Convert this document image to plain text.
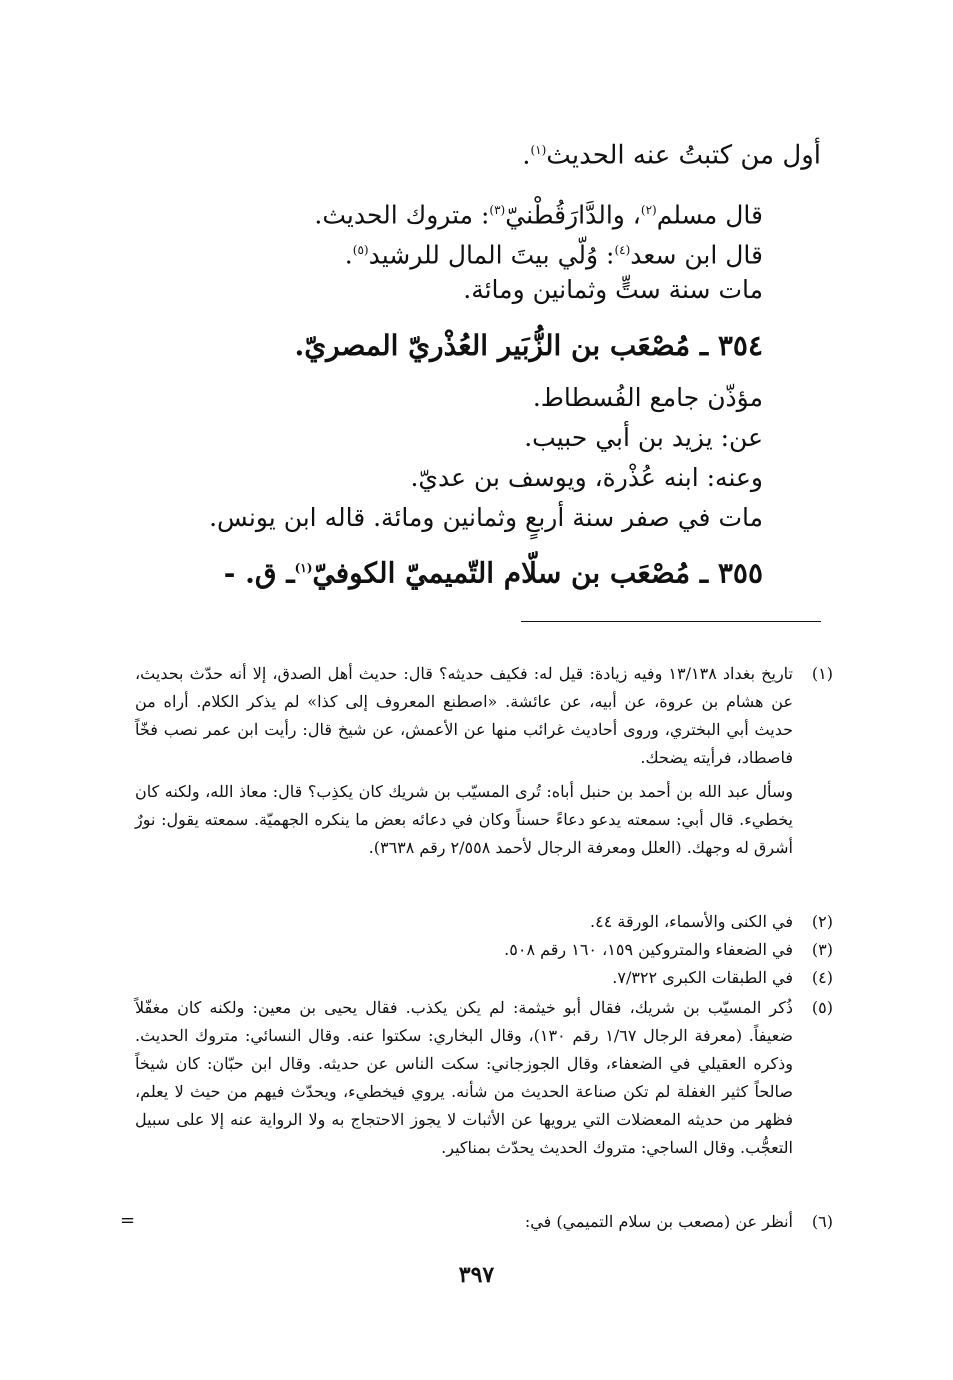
أول من كتبتُ عنه الحديث$^{(١)}$.
قال مسلم$^{(٢)}$، والدَّارَقُطْنيّ$^{(٣)}$: متروك الحديث.
قال ابن سعد$^{(٤)}$: وُلّي بيتَ المال للرشيد$^{(٥)}$.
مات سنة ستٍّ وثمانين ومائة.
٣٥٤ ـ مُصْعَب بن الزُّبَير العُذْريّ المصريّ.
مؤذّن جامع الفُسطاط.
عن: يزيد بن أبي حبيب.
وعنه: ابنه عُذْرة، ويوسف بن عديّ.
مات في صفر سنة أربعٍ وثمانين ومائة. قاله ابن يونس.
٣٥٥ ـ مُصْعَب بن سلّام التّميميّ الكوفيّ$^{(١)}$ـ ق. -
(١)
تاريخ بغداد ١٣/١٣٨ وفيه زيادة: قيل له: فكيف حديثه؟ قال: حديث أهل الصدق، إلا أنه حدّث بحديث، عن هشام بن عروة، عن أبيه، عن عائشة. «اصطنع المعروف إلى كذا» لم يذكر الكلام. أراه من حديث أبي البختري، وروى أحاديث غرائب منها عن الأعمش، عن شيخ قال: رأيت ابن عمر نصب فخّاً فاصطاد، فرأيته يضحك.
وسأل عبد الله بن أحمد بن حنبل أباه: تُرى المسيّب بن شريك كان يكذِب؟ قال: معاذ الله، ولكنه كان يخطيء. قال أبي: سمعته يدعو دعاءً حسناً وكان في دعائه بعض ما ينكره الجهميّة. سمعته يقول: نورٌ أشرق له وجهك. (العلل ومعرفة الرجال لأحمد ٢/٥٥٨ رقم ٣٦٣٨).
(٢)
في الكنى والأسماء، الورقة ٤٤.
(٣)
في الضعفاء والمتروكين ١٥٩، ١٦٠ رقم ٥٠٨.
(٤)
في الطبقات الكبرى ٧/٣٢٢.
(٥)
ذُكر المسيّب بن شريك، فقال أبو خيثمة: لم يكن يكذب. فقال يحيى بن معين: ولكنه كان مغفّلاً ضعيفاً. (معرفة الرجال ١/٦٧ رقم ١٣٠)، وقال البخاري: سكتوا عنه. وقال النسائي: متروك الحديث. وذكره العقيلي في الضعفاء، وقال الجوزجاني: سكت الناس عن حديثه. وقال ابن حبّان: كان شيخاً صالحاً كثير الغفلة لم تكن صناعة الحديث من شأنه. يروي فيخطيء، ويحدّث فيهم من حيث لا يعلم، فظهر من حديثه المعضلات التي يرويها عن الأثبات لا يجوز الاحتجاج به ولا الرواية عنه إلا على سبيل التعجُّب. وقال الساجي: متروك الحديث يحدّث بمناكير.
(٦)
أنظر عن (مصعب بن سلام التميمي) في:
=
٣٩٧
